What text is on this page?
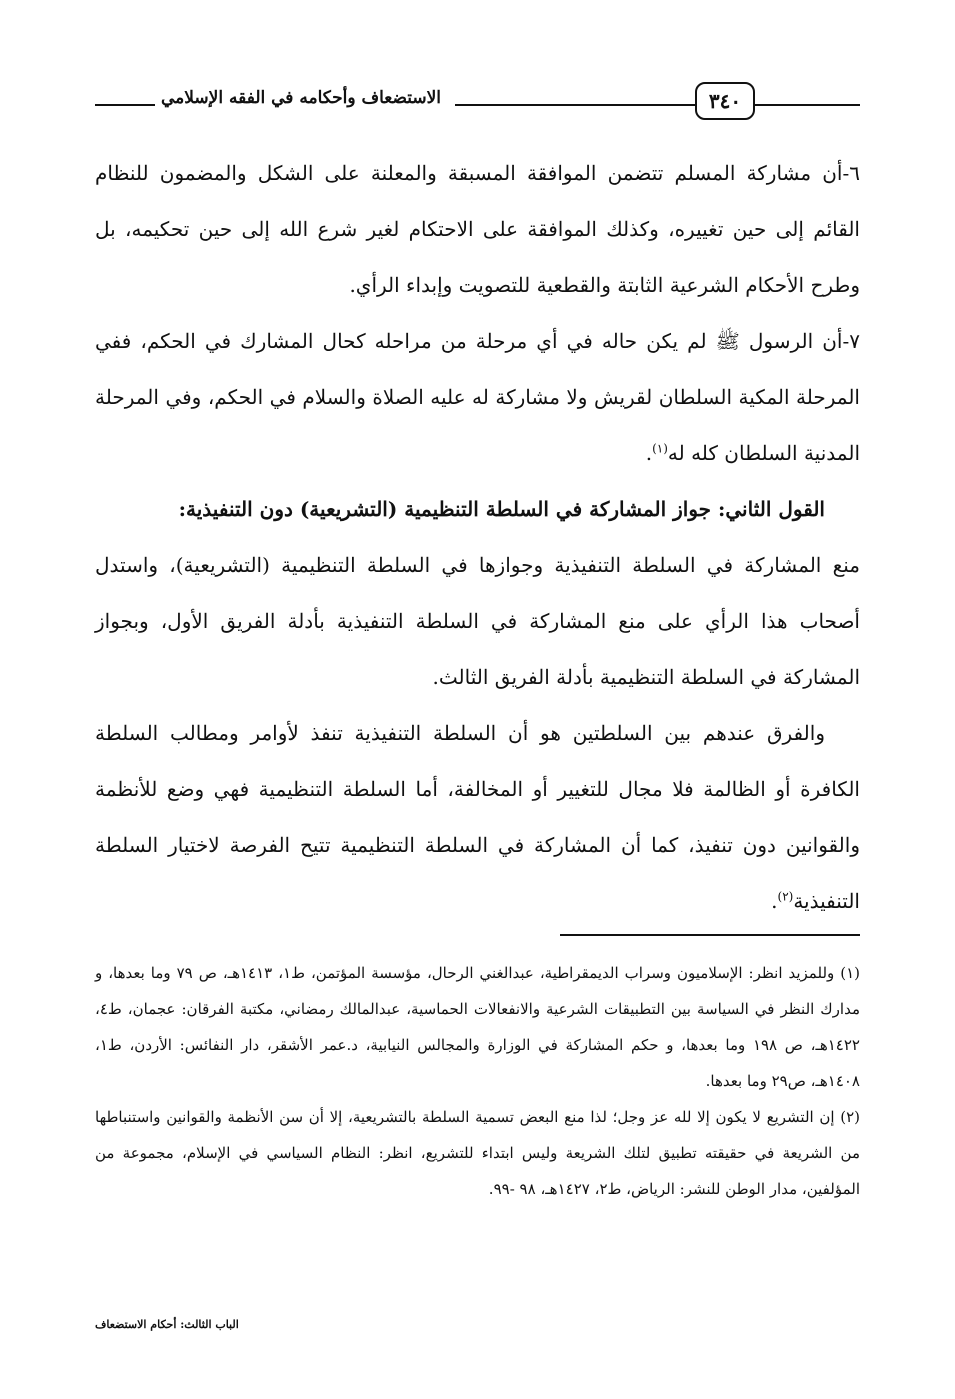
الاستضعاف وأحكامه في الفقه الإسلامي	٣٤٠

٦-أن مشاركة المسلم تتضمن الموافقة المسبقة والمعلنة على الشكل والمضمون للنظام القائم إلى حين تغييره، وكذلك الموافقة على الاحتكام لغير شرع الله إلى حين تحكيمه، بل وطرح الأحكام الشرعية الثابتة والقطعية للتصويت وإبداء الرأي.

٧-أن الرسول ﷺ لم يكن حاله في أي مرحلة من مراحله كحال المشارك في الحكم، ففي المرحلة المكية السلطان لقريش ولا مشاركة له عليه الصلاة والسلام في الحكم، وفي المرحلة المدنية السلطان كله له$^{(١)}$.

القول الثاني: جواز المشاركة في السلطة التنظيمية (التشريعية) دون التنفيذية:

منع المشاركة في السلطة التنفيذية وجوازها في السلطة التنظيمية (التشريعية)، واستدل أصحاب هذا الرأي على منع المشاركة في السلطة التنفيذية بأدلة الفريق الأول، وبجواز المشاركة في السلطة التنظيمية بأدلة الفريق الثالث.

والفرق عندهم بين السلطتين هو أن السلطة التنفيذية تنفذ لأوامر ومطالب السلطة الكافرة أو الظالمة فلا مجال للتغيير أو المخالفة، أما السلطة التنظيمية فهي وضع للأنظمة والقوانين دون تنفيذ، كما أن المشاركة في السلطة التنظيمية تتيح الفرصة لاختيار السلطة التنفيذية$^{(٢)}$.

(١) وللمزيد انظر: الإسلاميون وسراب الديمقراطية، عبدالغني الرحال، مؤسسة المؤتمن، ط١، ١٤١٣هـ، ص ٧٩ وما بعدها، و مدارك النظر في السياسة بين التطبيقات الشرعية والانفعالات الحماسية، عبدالمالك رمضاني، مكتبة الفرقان: عجمان، ط٤، ١٤٢٢هـ، ص ١٩٨ وما بعدها، و حكم المشاركة في الوزارة والمجالس النيابية، د.عمر الأشقر، دار النفائس: الأردن، ط١، ١٤٠٨هـ، ص٢٩ وما بعدها.

(٢) إن التشريع لا يكون إلا لله عز وجل؛ لذا منع البعض تسمية السلطة بالتشريعية، إلا أن سن الأنظمة والقوانين واستنباطها من الشريعة في حقيقته تطبيق لتلك الشريعة وليس ابتداء للتشريع، انظر: النظام السياسي في الإسلام، مجموعة من المؤلفين، مدار الوطن للنشر: الرياض، ط٢، ١٤٢٧هـ، ٩٨ -٩٩.

الباب الثالث: أحكام الاستضعاف
